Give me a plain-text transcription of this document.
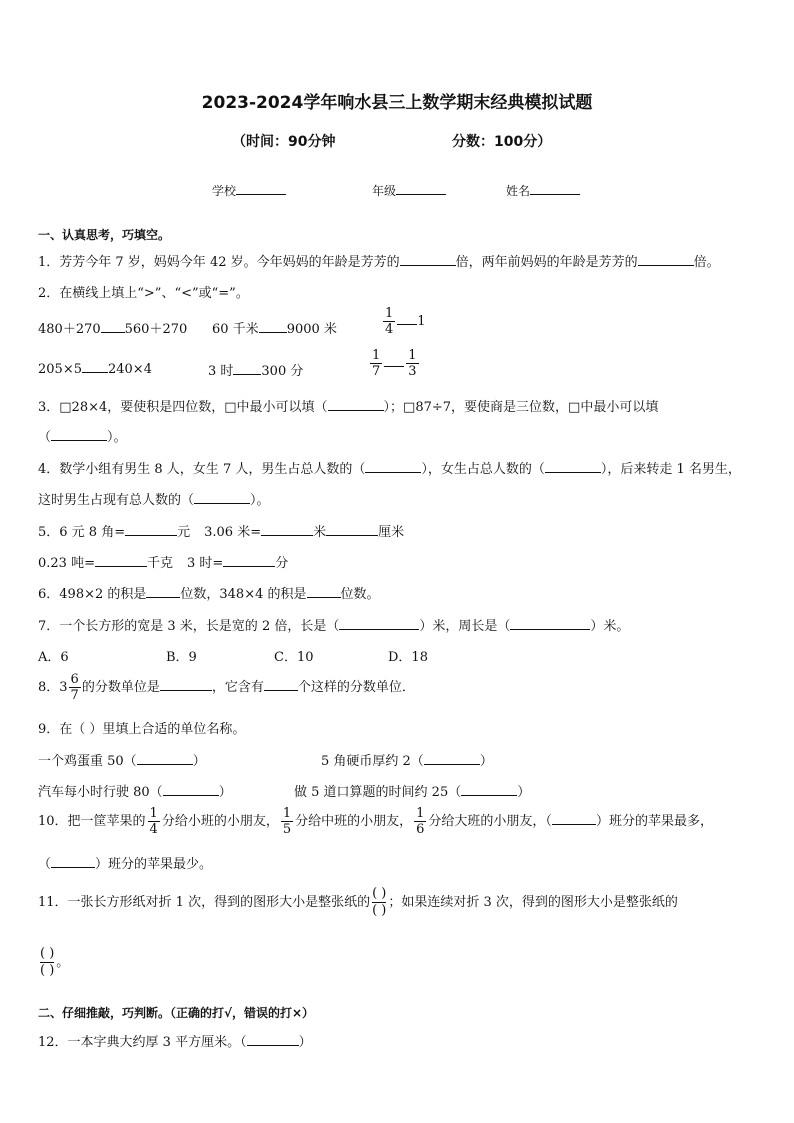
2023-2024学年响水县三上数学期末经典模拟试题
（时间：90分钟	分数：100分）
学校	年级	姓名
一、认真思考，巧填空。
1．芳芳今年 7 岁，妈妈今年 42 岁。今年妈妈的年龄是芳芳的	倍，两年前妈妈的年龄是芳芳的	倍。
2．在横线上填上“>”、“<”或“=”。
480＋270 560＋270 60 千米 9000 米	$\frac{1}{4} 1$
205×5 240×4	3 时 300 分	$\frac{1}{7} \frac{1}{3}$
3．□28×4，要使积是四位数，□中最小可以填（	）；□87÷7，要使商是三位数，□中最小可以填
（	）。
4．数学小组有男生 8 人，女生 7 人，男生占总人数的（	），女生占总人数的（	），后来转走 1 名男生，
这时男生占现有总人数的（	）。
5．6 元 8 角=	元 3.06 米=	米	厘米
0.23 吨=	千克 3 时=	分
6．498×2 的积是	位数，348×4 的积是	位数。
7．一个长方形的宽是 3 米，长是宽的 2 倍，长是（	）米，周长是（	）米。
A．6	B．9	C．10	D．18
8．$3 \frac{6}{7}$ 的分数单位是	，它含有	个这样的分数单位．
9．在（ ）里填上合适的单位名称。
一个鸡蛋重 50（	）	5 角硬币厚约 2（	）
汽车每小时行驶 80（	）	做 5 道口算题的时间约 25（	）
10．把一筐苹果的 $\frac{1}{4}$ 分给小班的小朋友， $\frac{1}{5}$ 分给中班的小朋友， $\frac{1}{6}$ 分给大班的小朋友，（	）班分的苹果最多，
（	）班分的苹果最少。
11．一张长方形纸对折 1 次，得到的图形大小是整张纸的
( )
( )
；如果连续对折 3 次，得到的图形大小是整张纸的
( )
( )
。
二、仔细推敲，巧判断。（正确的打√，错误的打×）
12．一本字典大约厚 3 平方厘米。（	）
